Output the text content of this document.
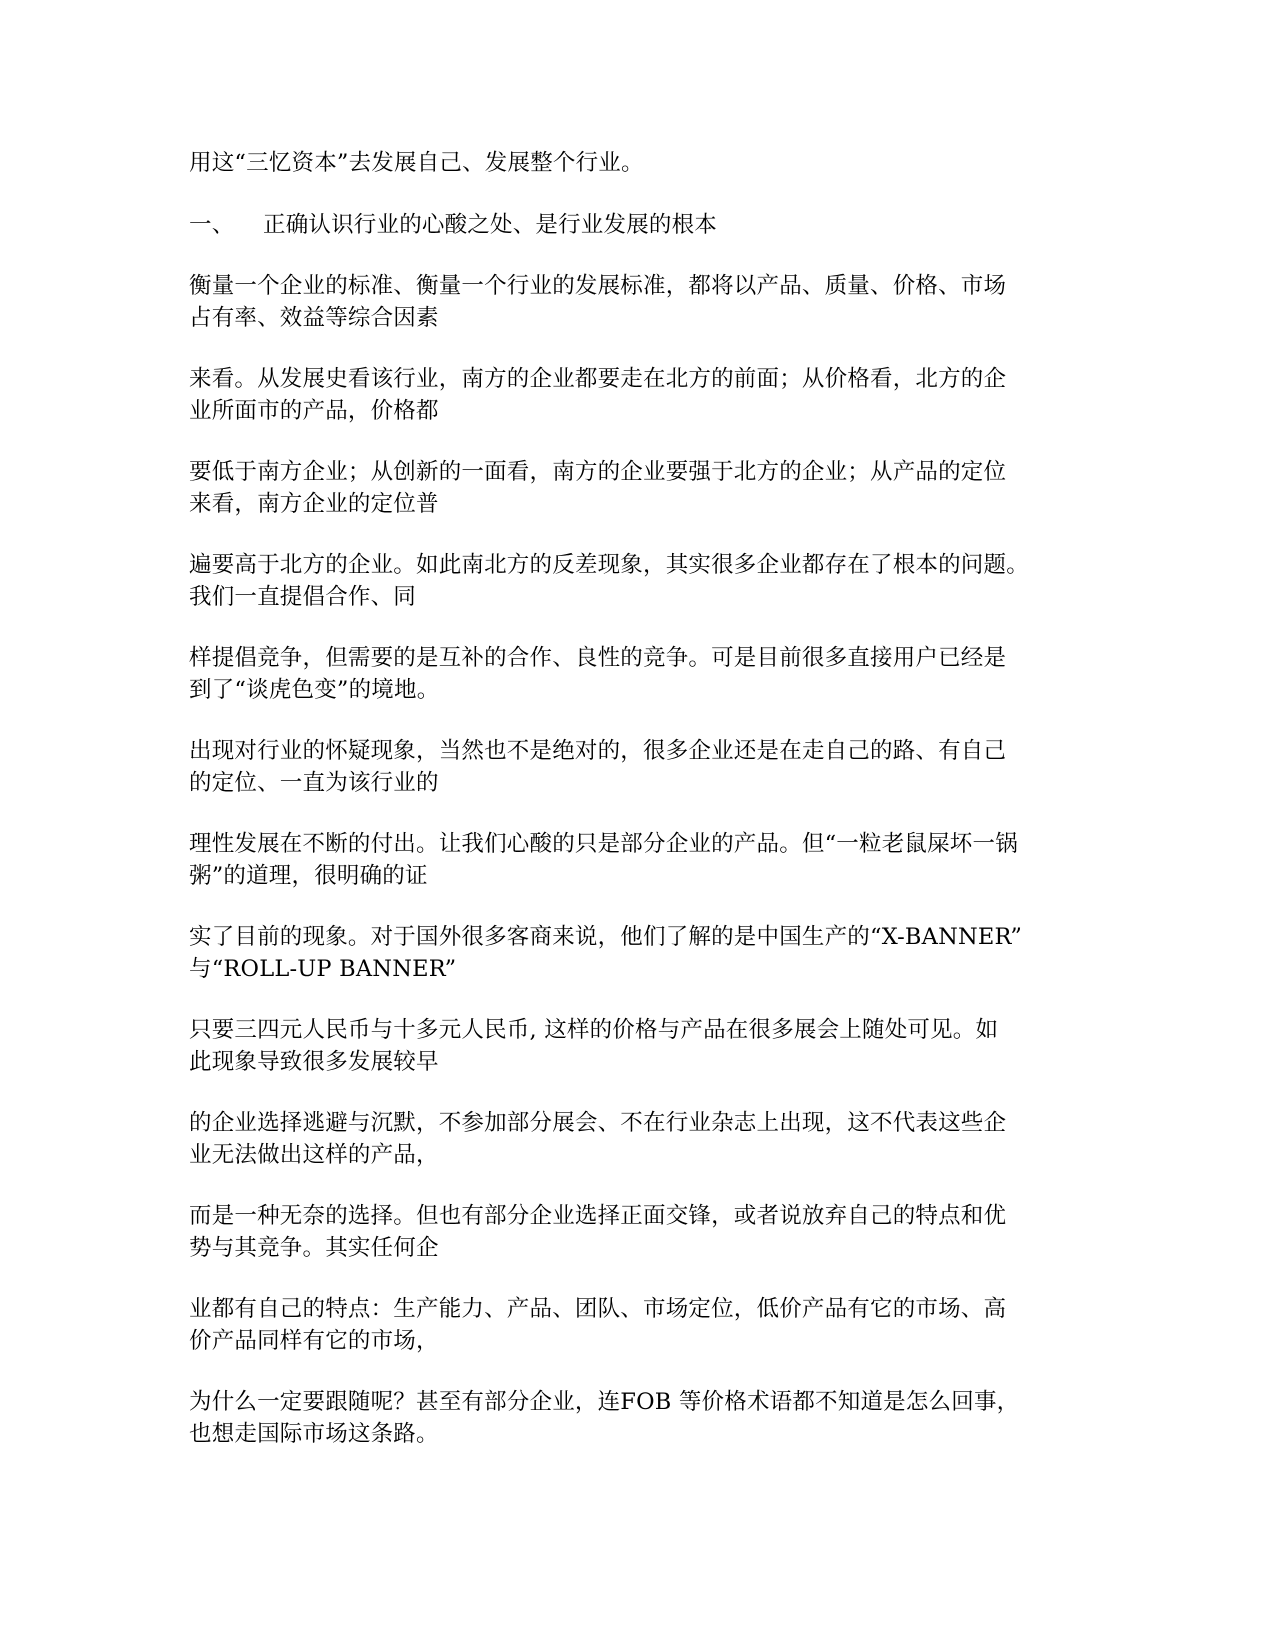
用这“三忆资本”去发展自己、发展整个行业。

一、 正确认识行业的心酸之处、是行业发展的根本

衡量一个企业的标准、衡量一个行业的发展标准，都将以产品、质量、价格、市场
占有率、效益等综合因素

来看。从发展史看该行业，南方的企业都要走在北方的前面；从价格看，北方的企
业所面市的产品，价格都

要低于南方企业；从创新的一面看，南方的企业要强于北方的企业；从产品的定位
来看，南方企业的定位普

遍要高于北方的企业。如此南北方的反差现象，其实很多企业都存在了根本的问题。
我们一直提倡合作、同

样提倡竞争，但需要的是互补的合作、良性的竞争。可是目前很多直接用户已经是
到了“谈虎色变”的境地。

出现对行业的怀疑现象，当然也不是绝对的，很多企业还是在走自己的路、有自己
的定位、一直为该行业的

理性发展在不断的付出。让我们心酸的只是部分企业的产品。但“一粒老鼠屎坏一锅
粥”的道理，很明确的证

实了目前的现象。对于国外很多客商来说，他们了解的是中国生产的“X-BANNER”
与“ROLL-UP BANNER”

只要三四元人民币与十多元人民币, 这样的价格与产品在很多展会上随处可见。如
此现象导致很多发展较早

的企业选择逃避与沉默，不参加部分展会、不在行业杂志上出现，这不代表这些企
业无法做出这样的产品，

而是一种无奈的选择。但也有部分企业选择正面交锋，或者说放弃自己的特点和优
势与其竞争。其实任何企

业都有自己的特点：生产能力、产品、团队、市场定位，低价产品有它的市场、高
价产品同样有它的市场，

为什么一定要跟随呢？甚至有部分企业，连FOB 等价格术语都不知道是怎么回事，
也想走国际市场这条路。
